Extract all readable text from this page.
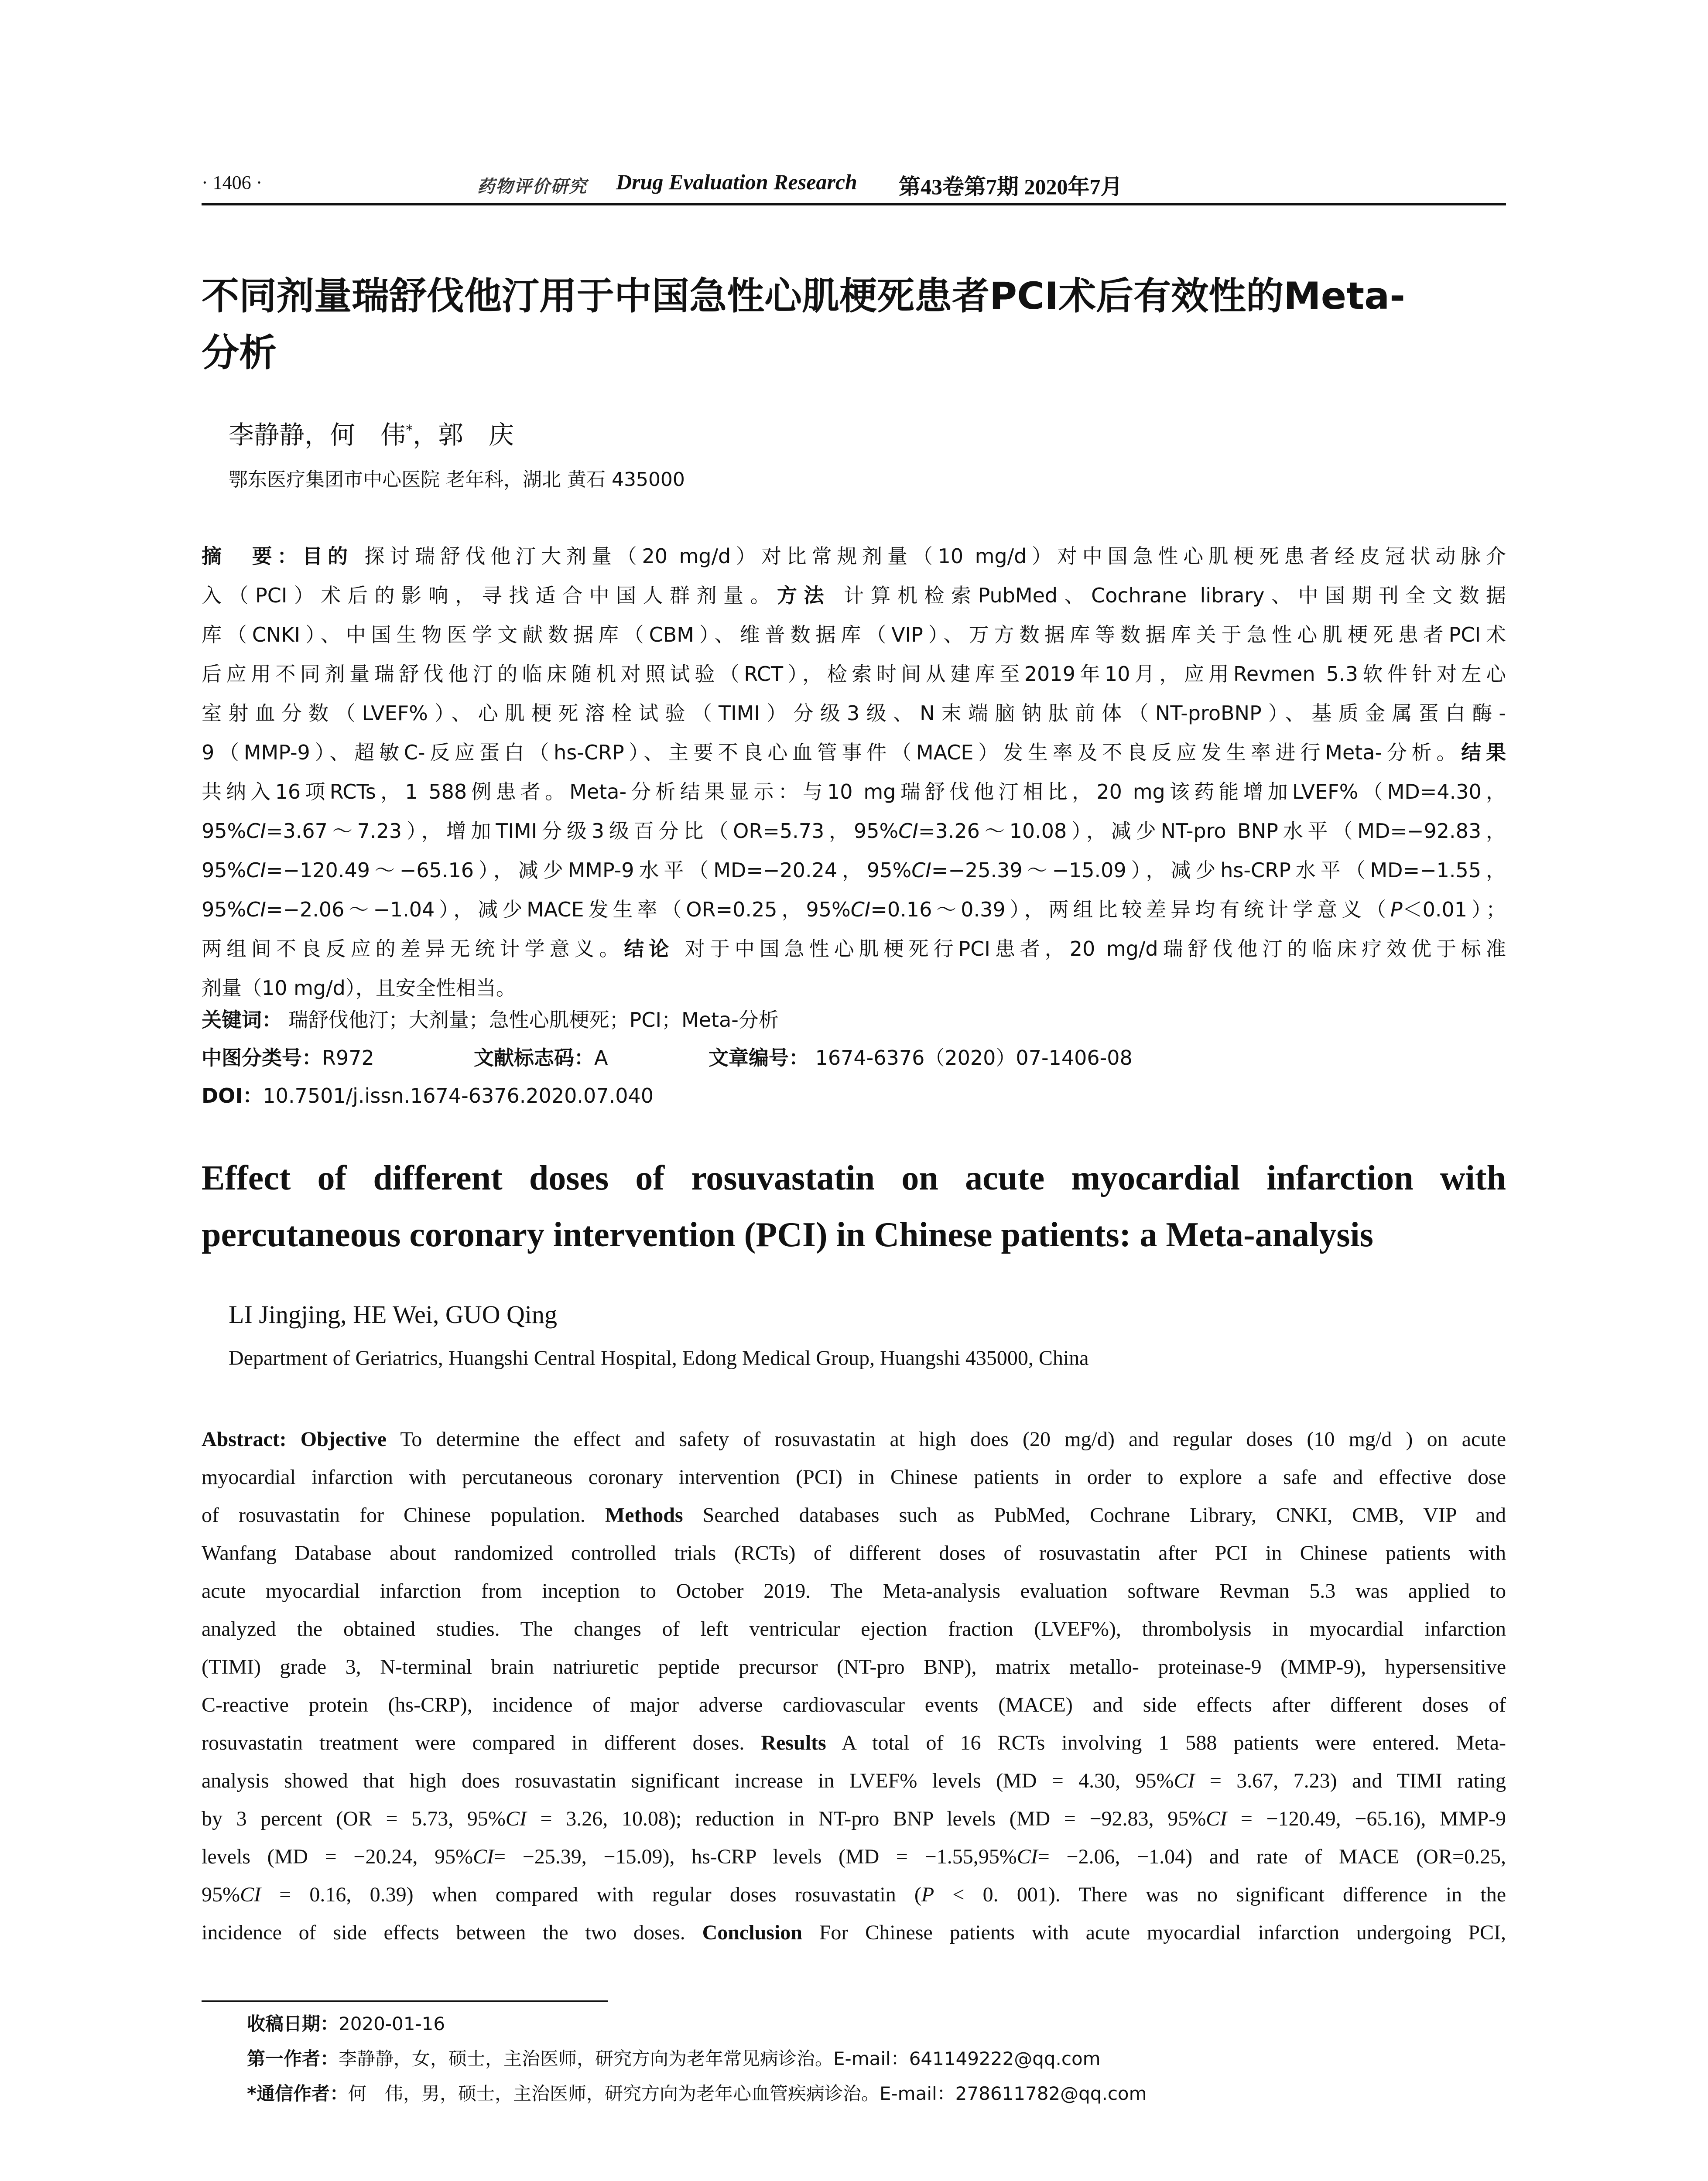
· 1406 ·	药物评价研究 Drug Evaluation Research 第43卷第7期 2020年7月
不同剂量瑞舒伐他汀用于中国急性心肌梗死患者PCI术后有效性的Meta-
分析
李静静，何　伟*，郭　庆
鄂东医疗集团市中心医院 老年科，湖北 黄石 435000
摘　要：目的 探讨瑞舒伐他汀大剂量（20 mg/d）对比常规剂量（10 mg/d）对中国急性心肌梗死患者经皮冠状动脉介
入（PCI）术后的影响，寻找适合中国人群剂量。方法 计算机检索PubMed、Cochrane library、中国期刊全文数据
库（CNKI）、中国生物医学文献数据库（CBM）、维普数据库（VIP）、万方数据库等数据库关于急性心肌梗死患者PCI术
后应用不同剂量瑞舒伐他汀的临床随机对照试验（RCT），检索时间从建库至2019年10月，应用Revmen 5.3软件针对左心
室射血分数（LVEF%）、心肌梗死溶栓试验（TIMI）分级3级、N末端脑钠肽前体（NT-proBNP）、基质金属蛋白酶-
9（MMP-9）、超敏C-反应蛋白（hs-CRP）、主要不良心血管事件（MACE）发生率及不良反应发生率进行Meta-分析。结果
共纳入16项RCTs，1 588例患者。Meta-分析结果显示：与10 mg瑞舒伐他汀相比，20 mg该药能增加LVEF%（MD=4.30，
95%CI=3.67～7.23），增加TIMI分级3级百分比（OR=5.73，95%CI=3.26～10.08），减少NT-pro BNP水平（MD=−92.83，
95%CI=−120.49～−65.16），减少MMP-9水平（MD=−20.24，95%CI=−25.39～−15.09），减少hs-CRP水平（MD=−1.55，
95%CI=−2.06～−1.04），减少MACE发生率（OR=0.25，95%CI=0.16～0.39），两组比较差异均有统计学意义（P＜0.01）；
两组间不良反应的差异无统计学意义。结论 对于中国急性心肌梗死行PCI患者，20 mg/d瑞舒伐他汀的临床疗效优于标准
剂量（10 mg/d），且安全性相当。
关键词： 瑞舒伐他汀；大剂量；急性心肌梗死；PCI；Meta-分析
中图分类号：R972	文献标志码：A	文章编号： 1674-6376（2020）07-1406-08
DOI：10.7501/j.issn.1674-6376.2020.07.040
Effect of different doses of rosuvastatin on acute myocardial infarction with
percutaneous coronary intervention (PCI) in Chinese patients: a Meta-analysis
LI Jingjing, HE Wei, GUO Qing
Department of Geriatrics, Huangshi Central Hospital, Edong Medical Group, Huangshi 435000, China
Abstract: Objective To determine the effect and safety of rosuvastatin at high does (20 mg/d) and regular doses (10 mg/d ) on acute
myocardial infarction with percutaneous coronary intervention (PCI) in Chinese patients in order to explore a safe and effective dose
of rosuvastatin for Chinese population. Methods Searched databases such as PubMed, Cochrane Library, CNKI, CMB, VIP and
Wanfang Database about randomized controlled trials (RCTs) of different doses of rosuvastatin after PCI in Chinese patients with
acute myocardial infarction from inception to October 2019. The Meta-analysis evaluation software Revman 5.3 was applied to
analyzed the obtained studies. The changes of left ventricular ejection fraction (LVEF%), thrombolysis in myocardial infarction
(TIMI) grade 3, N-terminal brain natriuretic peptide precursor (NT-pro BNP), matrix metallo- proteinase-9 (MMP-9), hypersensitive
C-reactive protein (hs-CRP), incidence of major adverse cardiovascular events (MACE) and side effects after different doses of
rosuvastatin treatment were compared in different doses. Results A total of 16 RCTs involving 1 588 patients were entered. Meta-
analysis showed that high does rosuvastatin significant increase in LVEF% levels (MD = 4.30, 95%CI = 3.67, 7.23) and TIMI rating
by 3 percent (OR = 5.73, 95%CI = 3.26, 10.08); reduction in NT-pro BNP levels (MD = −92.83, 95%CI = −120.49, −65.16), MMP-9
levels (MD = −20.24, 95%CI= −25.39, −15.09), hs-CRP levels (MD = −1.55,95%CI= −2.06, −1.04) and rate of MACE (OR=0.25,
95%CI = 0.16, 0.39) when compared with regular doses rosuvastatin (P < 0. 001). There was no significant difference in the
incidence of side effects between the two doses. Conclusion For Chinese patients with acute myocardial infarction undergoing PCI,
收稿日期：2020-01-16
第一作者：李静静，女，硕士，主治医师，研究方向为老年常见病诊治。E-mail：641149222@qq.com
*通信作者：何　伟，男，硕士，主治医师，研究方向为老年心血管疾病诊治。E-mail：278611782@qq.com
